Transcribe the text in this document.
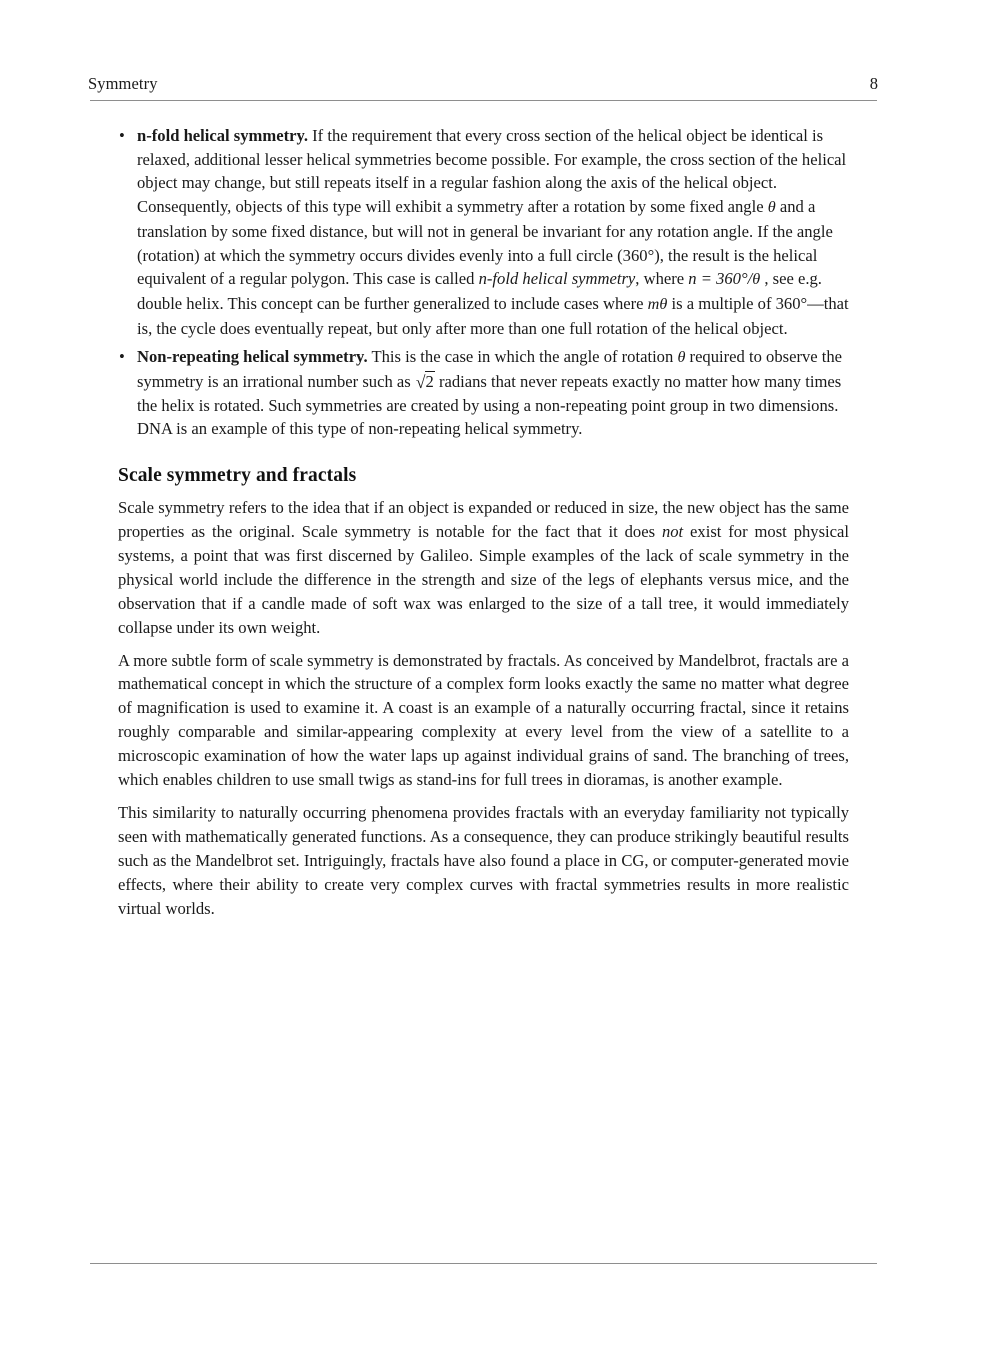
Symmetry	8
• n-fold helical symmetry. If the requirement that every cross section of the helical object be identical is relaxed, additional lesser helical symmetries become possible. For example, the cross section of the helical object may change, but still repeats itself in a regular fashion along the axis of the helical object. Consequently, objects of this type will exhibit a symmetry after a rotation by some fixed angle θ and a translation by some fixed distance, but will not in general be invariant for any rotation angle. If the angle (rotation) at which the symmetry occurs divides evenly into a full circle (360°), the result is the helical equivalent of a regular polygon. This case is called n-fold helical symmetry, where n = 360°/θ , see e.g. double helix. This concept can be further generalized to include cases where mθ is a multiple of 360°—that is, the cycle does eventually repeat, but only after more than one full rotation of the helical object.
• Non-repeating helical symmetry. This is the case in which the angle of rotation θ required to observe the symmetry is an irrational number such as √2 radians that never repeats exactly no matter how many times the helix is rotated. Such symmetries are created by using a non-repeating point group in two dimensions. DNA is an example of this type of non-repeating helical symmetry.
Scale symmetry and fractals

Scale symmetry refers to the idea that if an object is expanded or reduced in size, the new object has the same properties as the original. Scale symmetry is notable for the fact that it does not exist for most physical systems, a point that was first discerned by Galileo. Simple examples of the lack of scale symmetry in the physical world include the difference in the strength and size of the legs of elephants versus mice, and the observation that if a candle made of soft wax was enlarged to the size of a tall tree, it would immediately collapse under its own weight.

A more subtle form of scale symmetry is demonstrated by fractals. As conceived by Mandelbrot, fractals are a mathematical concept in which the structure of a complex form looks exactly the same no matter what degree of magnification is used to examine it. A coast is an example of a naturally occurring fractal, since it retains roughly comparable and similar-appearing complexity at every level from the view of a satellite to a microscopic examination of how the water laps up against individual grains of sand. The branching of trees, which enables children to use small twigs as stand-ins for full trees in dioramas, is another example.

This similarity to naturally occurring phenomena provides fractals with an everyday familiarity not typically seen with mathematically generated functions. As a consequence, they can produce strikingly beautiful results such as the Mandelbrot set. Intriguingly, fractals have also found a place in CG, or computer-generated movie effects, where their ability to create very complex curves with fractal symmetries results in more realistic virtual worlds.
